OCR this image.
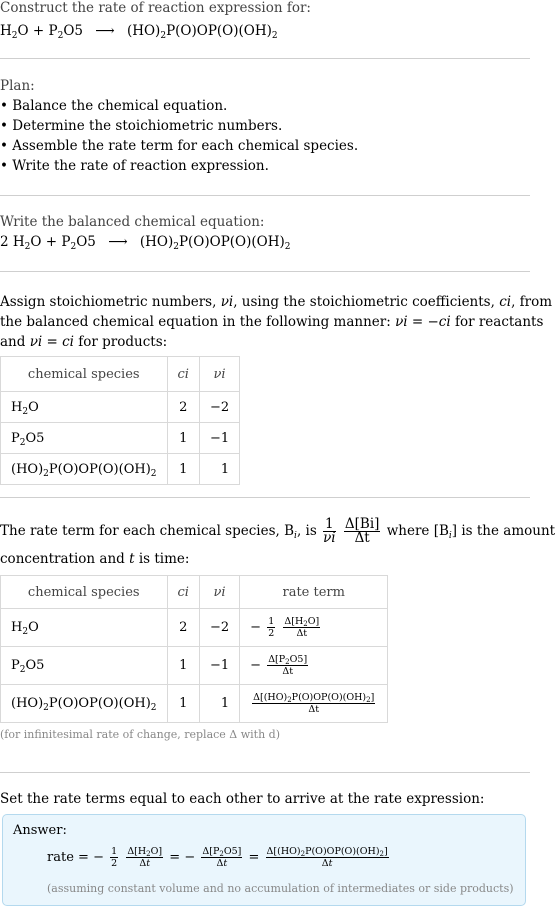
Construct the rate of reaction expression for:

$H_2O + P_2O5$ ⟶ $(HO)_2P(O)OP(O)(OH)_2$

Plan:

• Balance the chemical equation.

• Determine the stoichiometric numbers.

• Assemble the rate term for each chemical species.

• Write the rate of reaction expression.

Write the balanced chemical equation:

2 $H_2O + P_2O5$ ⟶ $(HO)_2P(O)OP(O)(OH)_2$

Assign stoichiometric numbers, νi, using the stoichiometric coefficients, ci, from

the balanced chemical equation in the following manner: νi = −ci for reactants

and νi = ci for products:

chemical species	ci	νi
$H_2O$	2	−2
$P_2O5$	1	−1
$(HO)_2P(O)OP(O)(OH)_2$	1	1

The rate term for each chemical species, $B_i$, is $\frac{1}{\nu i}$
$\frac{\Delta[Bi]}{\Delta t}$ where $[B_i]$ is the amount

concentration and t is time:

chemical species	ci	νi	rate term
$H_2O$	2	−2	− $\frac{1}{2}$
$\frac{\Delta[H_2O]}{\Delta t}$

$P_2O5$	1	−1	− $\frac{\Delta[P_2O5]}{\Delta t}$

$(HO)_2P(O)OP(O)(OH)_2$	1	1	$\frac{\Delta[(HO)_2P(O)OP(O)(OH)_2]}{\Delta t}$

(for infinitesimal rate of change, replace Δ with d)

Set the rate terms equal to each other to arrive at the rate expression:

Answer:

rate = − $\frac{1}{2}$
$\frac{\Delta[H_2O]}{\Delta t}$ = − $\frac{\Delta[P_2O5]}{\Delta t} = \frac{\Delta[(HO)_2P(O)OP(O)(OH)_2]}{\Delta t}$

(assuming constant volume and no accumulation of intermediates or side products)
